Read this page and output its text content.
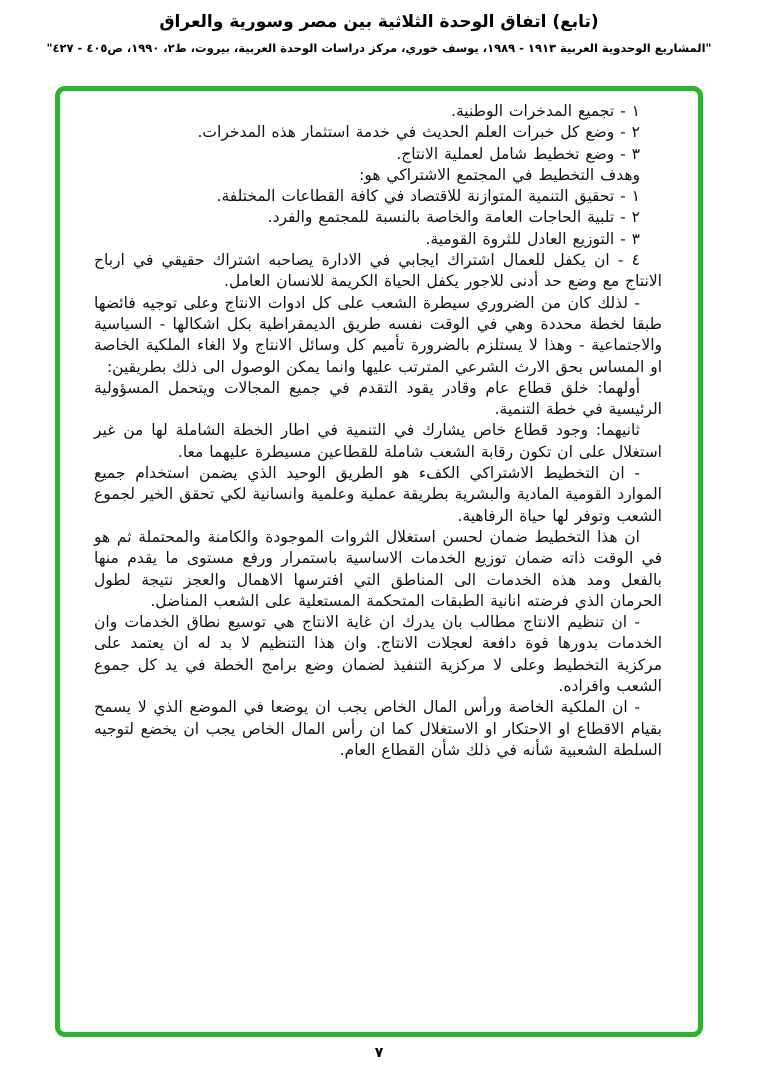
(تابع) اتفاق الوحدة الثلاثية بين مصر وسورية والعراق
"المشاريع الوحدوية العربية ١٩١٣ - ١٩٨٩، يوسف خوري، مركز دراسات الوحدة العربية، بيروت، ط٢، ١٩٩٠، ص٤٠٥ - ٤٢٧"

١ - تجميع المدخرات الوطنية.

٢ - وضع كل خبرات العلم الحديث في خدمة استثمار هذه المدخرات.

٣ - وضع تخطيط شامل لعملية الانتاج.

وهدف التخطيط في المجتمع الاشتراكي هو:

١ - تحقيق التنمية المتوازنة للاقتصاد في كافة القطاعات المختلفة.

٢ - تلبية الحاجات العامة والخاصة بالنسبة للمجتمع والفرد.

٣ - التوزيع العادل للثروة القومية.

٤ - ان يكفل للعمال اشتراك ايجابي في الادارة يصاحبه اشتراك حقيقي في ارباح الانتاج مع وضع حد أدنى للاجور يكفل الحياة الكريمة للانسان العامل.

- لذلك كان من الضروري سيطرة الشعب على كل ادوات الانتاج وعلى توجيه فائضها طبقا لخطة محددة وهي في الوقت نفسه طريق الديمقراطية بكل اشكالها - السياسية والاجتماعية - وهذا لا يستلزم بالضرورة تأميم كل وسائل الانتاج ولا الغاء الملكية الخاصة او المساس بحق الارث الشرعي المترتب عليها وانما يمكن الوصول الى ذلك بطريقين:

أولهما: خلق قطاع عام وقادر يقود التقدم في جميع المجالات ويتحمل المسؤولية الرئيسية في خطة التنمية.

ثانيهما: وجود قطاع خاص يشارك في التنمية في اطار الخطة الشاملة لها من غير استغلال على ان تكون رقابة الشعب شاملة للقطاعين مسيطرة عليهما معا.

- ان التخطيط الاشتراكي الكفء هو الطريق الوحيد الذي يضمن استخدام جميع الموارد القومية المادية والبشرية بطريقة عملية وعلمية وانسانية لكي تحقق الخير لجموع الشعب وتوفر لها حياة الرفاهية.

ان هذا التخطيط ضمان لحسن استغلال الثروات الموجودة والكامنة والمحتملة ثم هو في الوقت ذاته ضمان توزيع الخدمات الاساسية باستمرار ورفع مستوى ما يقدم منها بالفعل ومد هذه الخدمات الى المناطق التي افترسها الاهمال والعجز نتيجة لطول الحرمان الذي فرضته انانية الطبقات المتحكمة المستعلية على الشعب المناضل.

- ان تنظيم الانتاج مطالب بان يدرك ان غاية الانتاج هي توسيع نطاق الخدمات وان الخدمات بدورها قوة دافعة لعجلات الانتاج. وان هذا التنظيم لا بد له ان يعتمد على مركزية التخطيط وعلى لا مركزية التنفيذ لضمان وضع برامج الخطة في يد كل جموع الشعب وافراده.

- ان الملكية الخاصة ورأس المال الخاص يجب ان يوضعا في الموضع الذي لا يسمح بقيام الاقطاع او الاحتكار او الاستغلال كما ان رأس المال الخاص يجب ان يخضع لتوجيه السلطة الشعبية شأنه في ذلك شأن القطاع العام.

٧
